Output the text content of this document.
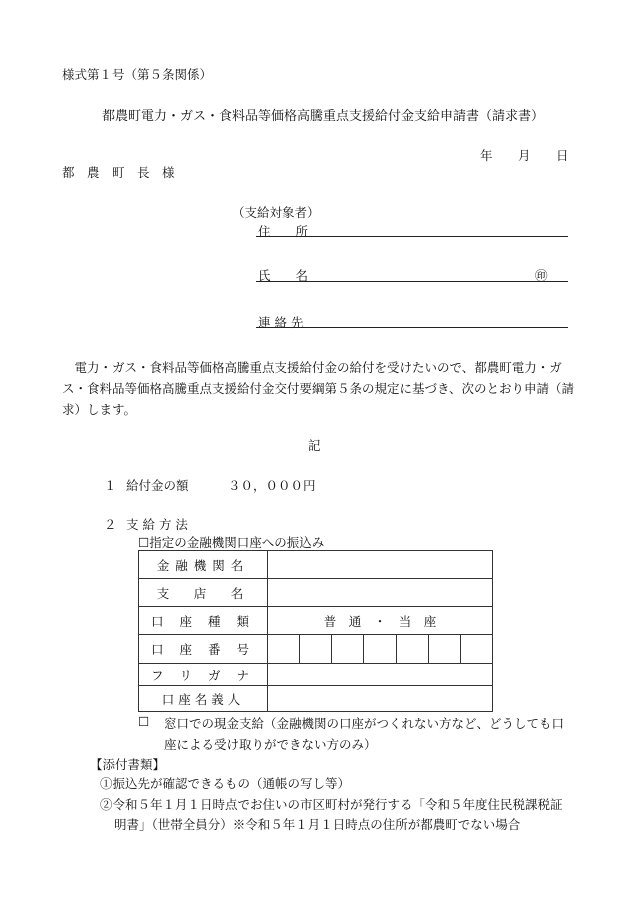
様式第１号（第５条関係）
都農町電力・ガス・食料品等価格高騰重点支援給付金支給申請書（請求書）
年 月 日
都　農　町　長　様
（支給対象者）
住　　所
氏　　名	㊞
連 絡 先
　電力・ガス・食料品等価格高騰重点支援給付金の給付を受けたいので、都農町電力・ガス・食料品等価格高騰重点支援給付金交付要綱第５条の規定に基づき、次のとおり申請（請求）します。
記
１ 給付金の額	３０，０００円
２ 支 給 方 法
☐指定の金融機関口座への振込み
金融機関名	
支　店　名	
口 座 種 類	普　通　・　当　座
口 座 番 号	

フ リ ガ ナ	
口座名義人	
☐ 窓口での現金支給（金融機関の口座がつくれない方など、どうしても口
座による受け取りができない方のみ）
【添付書類】
①振込先が確認できるもの（通帳の写し等）
②令和５年１月１日時点でお住いの市区町村が発行する「令和５年度住民税課税証
明書」（世帯全員分）※令和５年１月１日時点の住所が都農町でない場合
